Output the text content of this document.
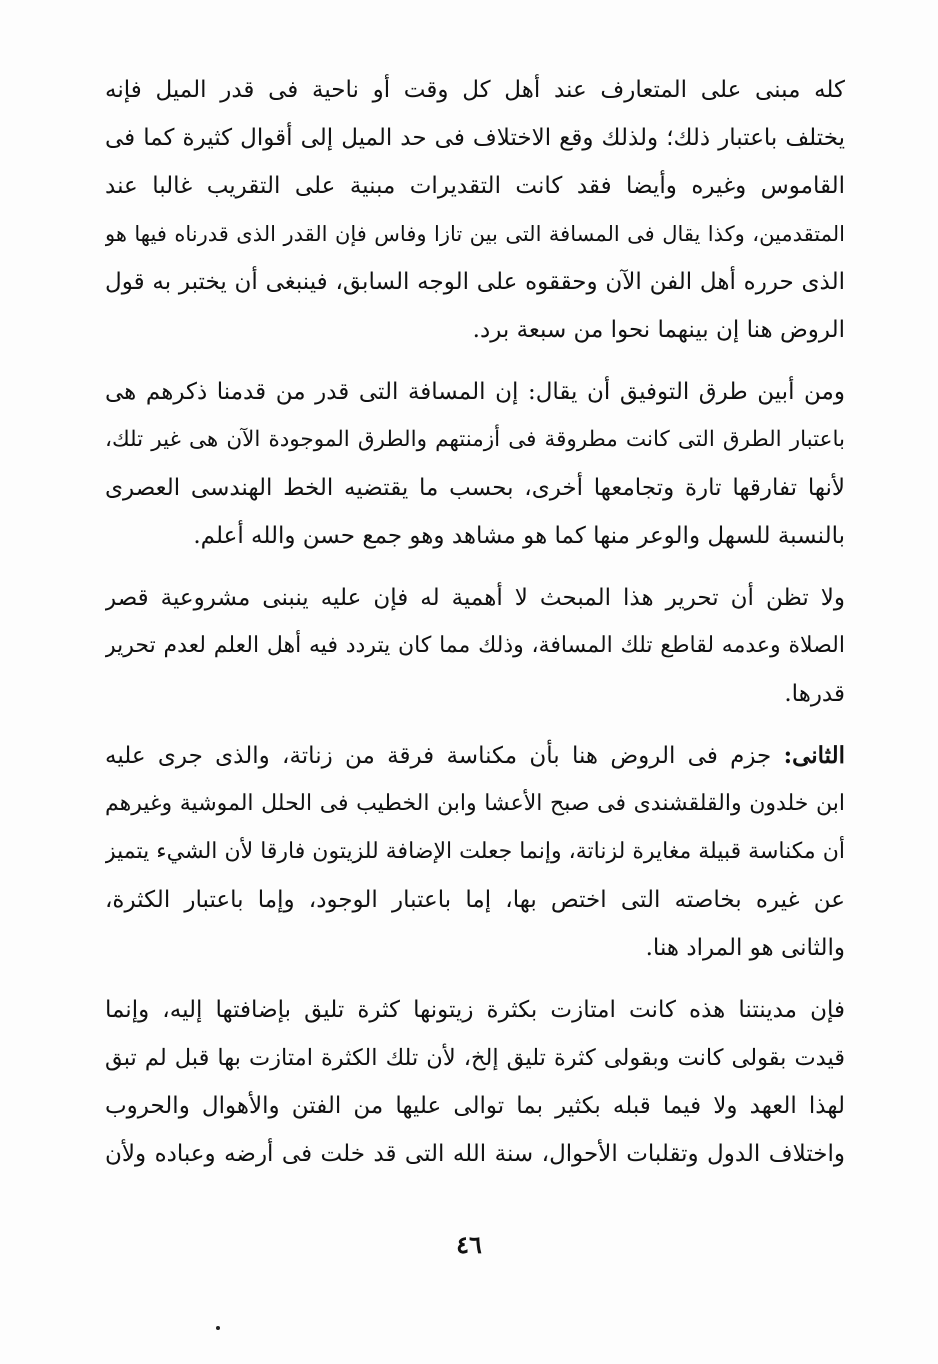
كله مبنى على المتعارف عند أهل كل وقت أو ناحية فى قدر الميل فإنه
يختلف باعتبار ذلك؛ ولذلك وقع الاختلاف فى حد الميل إلى أقوال كثيرة كما فى
القاموس وغيره وأيضا فقد كانت التقديرات مبنية على التقريب غالبا عند
المتقدمين، وكذا يقال فى المسافة التى بين تازا وفاس فإن القدر الذى قدرناه فيها هو
الذى حرره أهل الفن الآن وحققوه على الوجه السابق، فينبغى أن يختبر به قول
الروض هنا إن بينهما نحوا من سبعة برد.
ومن أبين طرق التوفيق أن يقال: إن المسافة التى قدر من قدمنا ذكرهم هى
باعتبار الطرق التى كانت مطروقة فى أزمنتهم والطرق الموجودة الآن هى غير تلك،
لأنها تفارقها تارة وتجامعها أخرى، بحسب ما يقتضيه الخط الهندسى العصرى
بالنسبة للسهل والوعر منها كما هو مشاهد وهو جمع حسن والله أعلم.
ولا تظن أن تحرير هذا المبحث لا أهمية له فإن عليه ينبنى مشروعية قصر
الصلاة وعدمه لقاطع تلك المسافة، وذلك مما كان يتردد فيه أهل العلم لعدم تحرير
قدرها.
الثانى: جزم فى الروض هنا بأن مكناسة فرقة من زناتة، والذى جرى عليه
ابن خلدون والقلقشندى فى صبح الأعشا وابن الخطيب فى الحلل الموشية وغيرهم
أن مكناسة قبيلة مغايرة لزناتة، وإنما جعلت الإضافة للزيتون فارقا لأن الشيء يتميز
عن غيره بخاصته التى اختص بها، إما باعتبار الوجود، وإما باعتبار الكثرة،
والثانى هو المراد هنا.
فإن مدينتنا هذه كانت امتازت بكثرة زيتونها كثرة تليق بإضافتها إليه، وإنما
قيدت بقولى كانت وبقولى كثرة تليق إلخ، لأن تلك الكثرة امتازت بها قبل لم تبق
لهذا العهد ولا فيما قبله بكثير بما توالى عليها من الفتن والأهوال والحروب
واختلاف الدول وتقلبات الأحوال، سنة الله التى قد خلت فى أرضه وعباده ولأن
٤٦
